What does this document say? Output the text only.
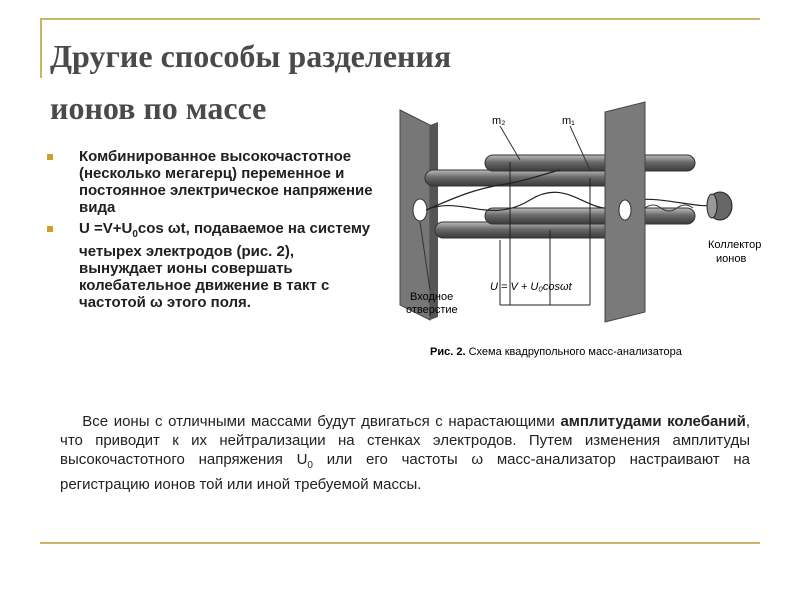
Другие способы разделения
ионов по массе
Комбинированное высокочастотное (несколько мегагерц) переменное и постоянное электрическое напряжение вида
$U =V+U_0\cos$ ωt, подаваемое на систему четырех электродов (рис. 2), вынуждает ионы совершать колебательное движение в такт с частотой ω этого поля.
m₂	m₁
Коллектор
ионов
Входное
отверстие
U = V + U₀cosωt
Рис. 2. Схема квадрупольного масс-анализатора
Все ионы с отличными массами будут двигаться с нарастающими амплитудами колебаний, что приводит к их нейтрализации на стенках электродов. Путем изменения амплитуды высокочастотного напряжения $U_0$ или его частоты ω масс-анализатор настраивают на регистрацию ионов той или иной требуемой массы.
